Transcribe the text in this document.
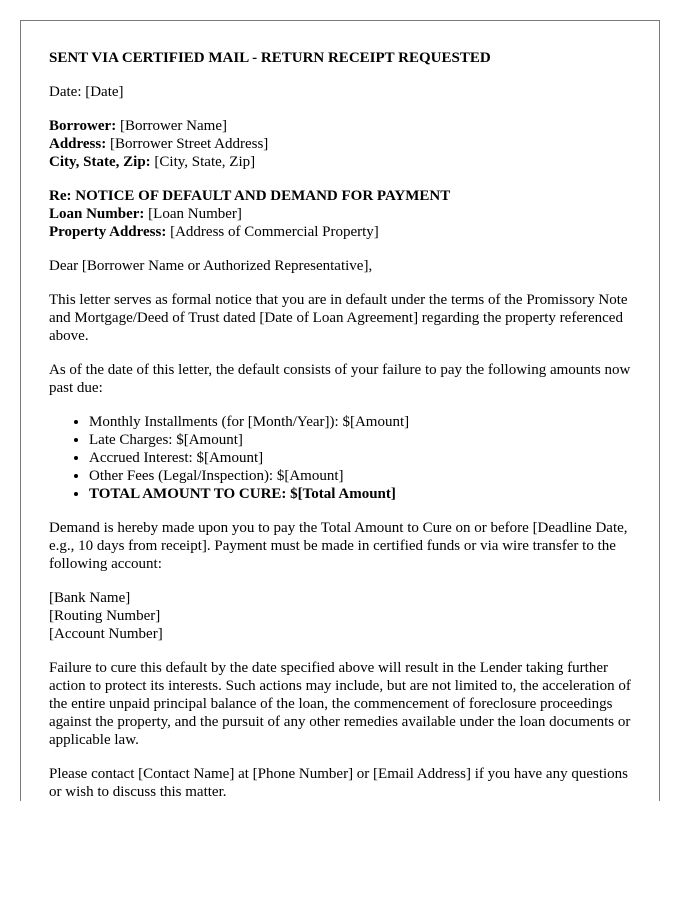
SENT VIA CERTIFIED MAIL - RETURN RECEIPT REQUESTED

Date: [Date]

Borrower: [Borrower Name]
Address: [Borrower Street Address]
City, State, Zip: [City, State, Zip]
Re: NOTICE OF DEFAULT AND DEMAND FOR PAYMENT
Loan Number: [Loan Number]
Property Address: [Address of Commercial Property]

Dear [Borrower Name or Authorized Representative],

This letter serves as formal notice that you are in default under the terms of the Promissory Note and Mortgage/Deed of Trust dated [Date of Loan Agreement] regarding the property referenced above.

As of the date of this letter, the default consists of your failure to pay the following amounts now past due:

• Monthly Installments (for [Month/Year]): $[Amount]
• Late Charges: $[Amount]
• Accrued Interest: $[Amount]
• Other Fees (Legal/Inspection): $[Amount]
• TOTAL AMOUNT TO CURE: $[Total Amount]

Demand is hereby made upon you to pay the Total Amount to Cure on or before [Deadline Date, e.g., 10 days from receipt]. Payment must be made in certified funds or via wire transfer to the following account:

[Bank Name]
[Routing Number]
[Account Number]

Failure to cure this default by the date specified above will result in the Lender taking further action to protect its interests. Such actions may include, but are not limited to, the acceleration of the entire unpaid principal balance of the loan, the commencement of foreclosure proceedings against the property, and the pursuit of any other remedies available under the loan documents or applicable law.

Please contact [Contact Name] at [Phone Number] or [Email Address] if you have any questions or wish to discuss this matter.
